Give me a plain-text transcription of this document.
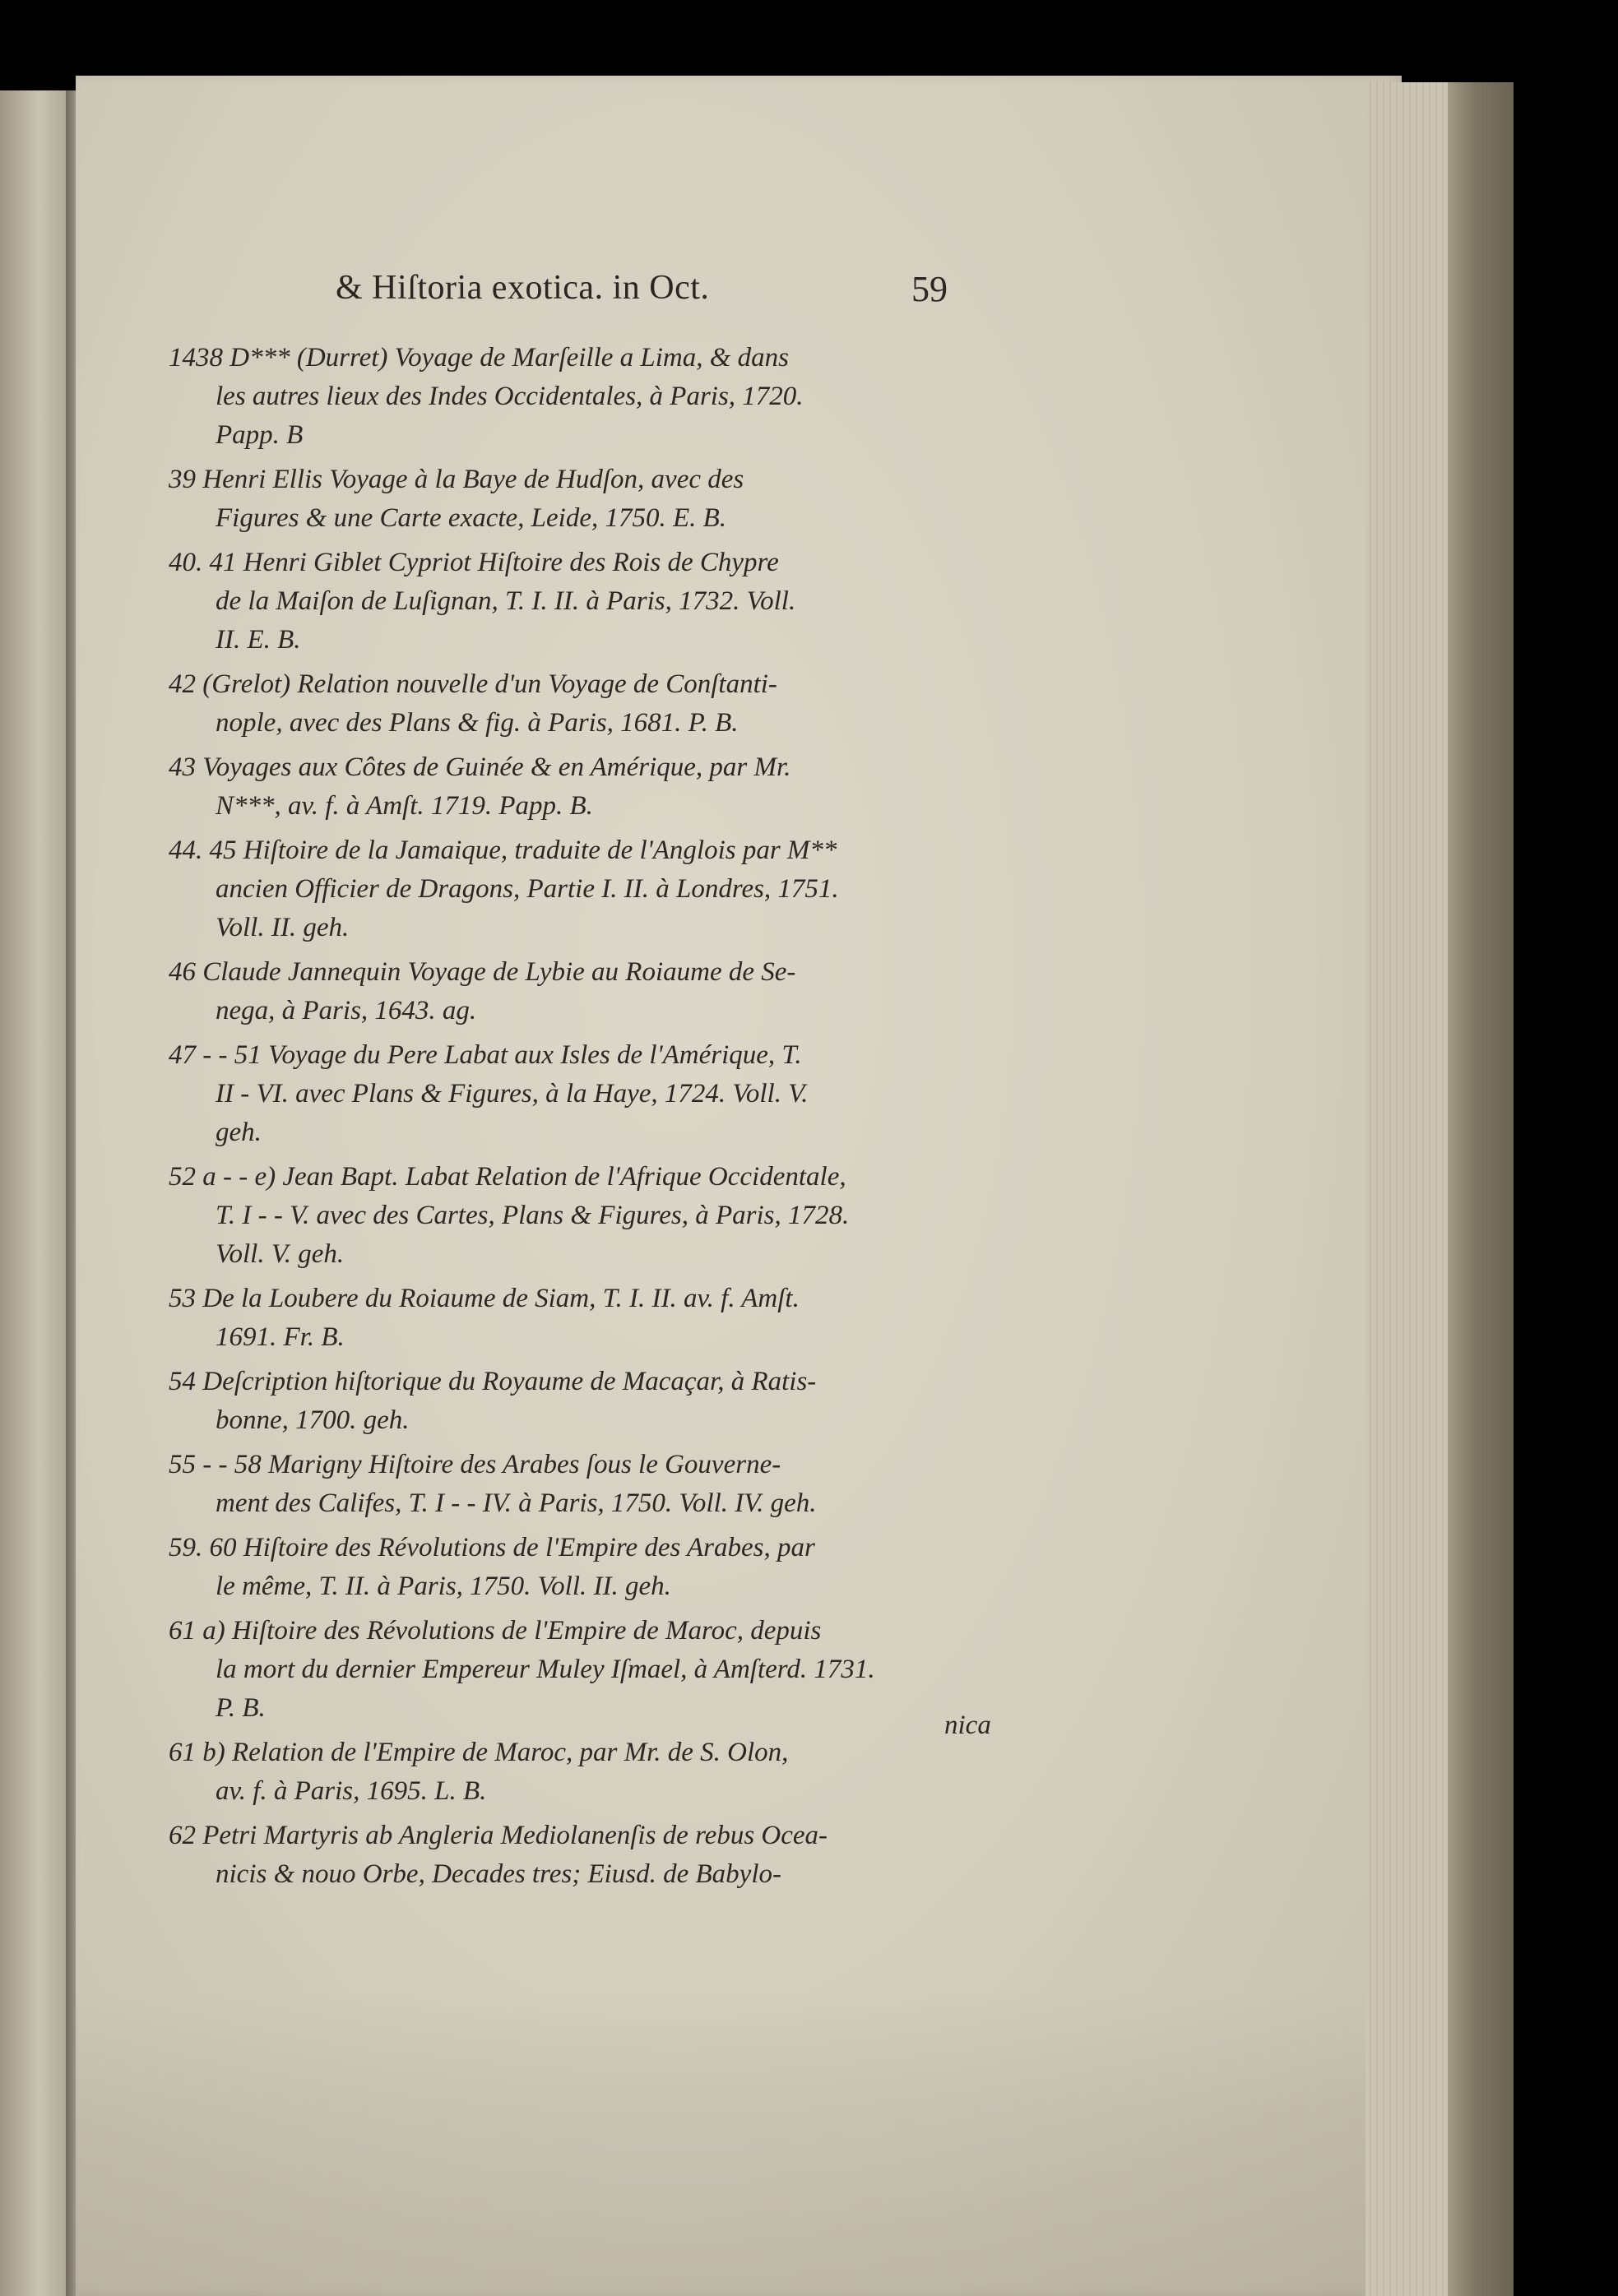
& Hiſtoria exotica. in Oct.	59
1438 D*** (Durret) Voyage de Marſeille a Lima, & dans
les autres lieux des Indes Occidentales, à Paris, 1720.
Papp. B
39 Henri Ellis Voyage à la Baye de Hudſon, avec des
Figures & une Carte exacte, Leide, 1750. E. B.
40. 41 Henri Giblet Cypriot Hiſtoire des Rois de Chypre
de la Maiſon de Luſignan, T. I. II. à Paris, 1732. Voll.
II. E. B.
42 (Grelot) Relation nouvelle d'un Voyage de Conſtanti-
nople, avec des Plans & fig. à Paris, 1681. P. B.
43 Voyages aux Côtes de Guinée & en Amérique, par Mr.
N***, av. f. à Amſt. 1719. Papp. B.
44. 45 Hiſtoire de la Jamaique, traduite de l'Anglois par M**
ancien Officier de Dragons, Partie I. II. à Londres, 1751.
Voll. II. geh.
46 Claude Jannequin Voyage de Lybie au Roiaume de Se-
nega, à Paris, 1643. ag.
47 - - 51 Voyage du Pere Labat aux Isles de l'Amérique, T.
II - VI. avec Plans & Figures, à la Haye, 1724. Voll. V.
geh.
52 a - - e) Jean Bapt. Labat Relation de l'Afrique Occidentale,
T. I - - V. avec des Cartes, Plans & Figures, à Paris, 1728.
Voll. V. geh.
53 De la Loubere du Roiaume de Siam, T. I. II. av. f. Amſt.
1691. Fr. B.
54 Deſcription hiſtorique du Royaume de Macaçar, à Ratis-
bonne, 1700. geh.
55 - - 58 Marigny Hiſtoire des Arabes ſous le Gouverne-
ment des Califes, T. I - - IV. à Paris, 1750. Voll. IV. geh.
59. 60 Hiſtoire des Révolutions de l'Empire des Arabes, par
le même, T. II. à Paris, 1750. Voll. II. geh.
61 a) Hiſtoire des Révolutions de l'Empire de Maroc, depuis
la mort du dernier Empereur Muley Iſmael, à Amſterd. 1731.
P. B.
61 b) Relation de l'Empire de Maroc, par Mr. de S. Olon,
av. f. à Paris, 1695. L. B.
62 Petri Martyris ab Angleria Mediolanenſis de rebus Ocea-
nicis & nouo Orbe, Decades tres; Eiusd. de Babylo-
nica
